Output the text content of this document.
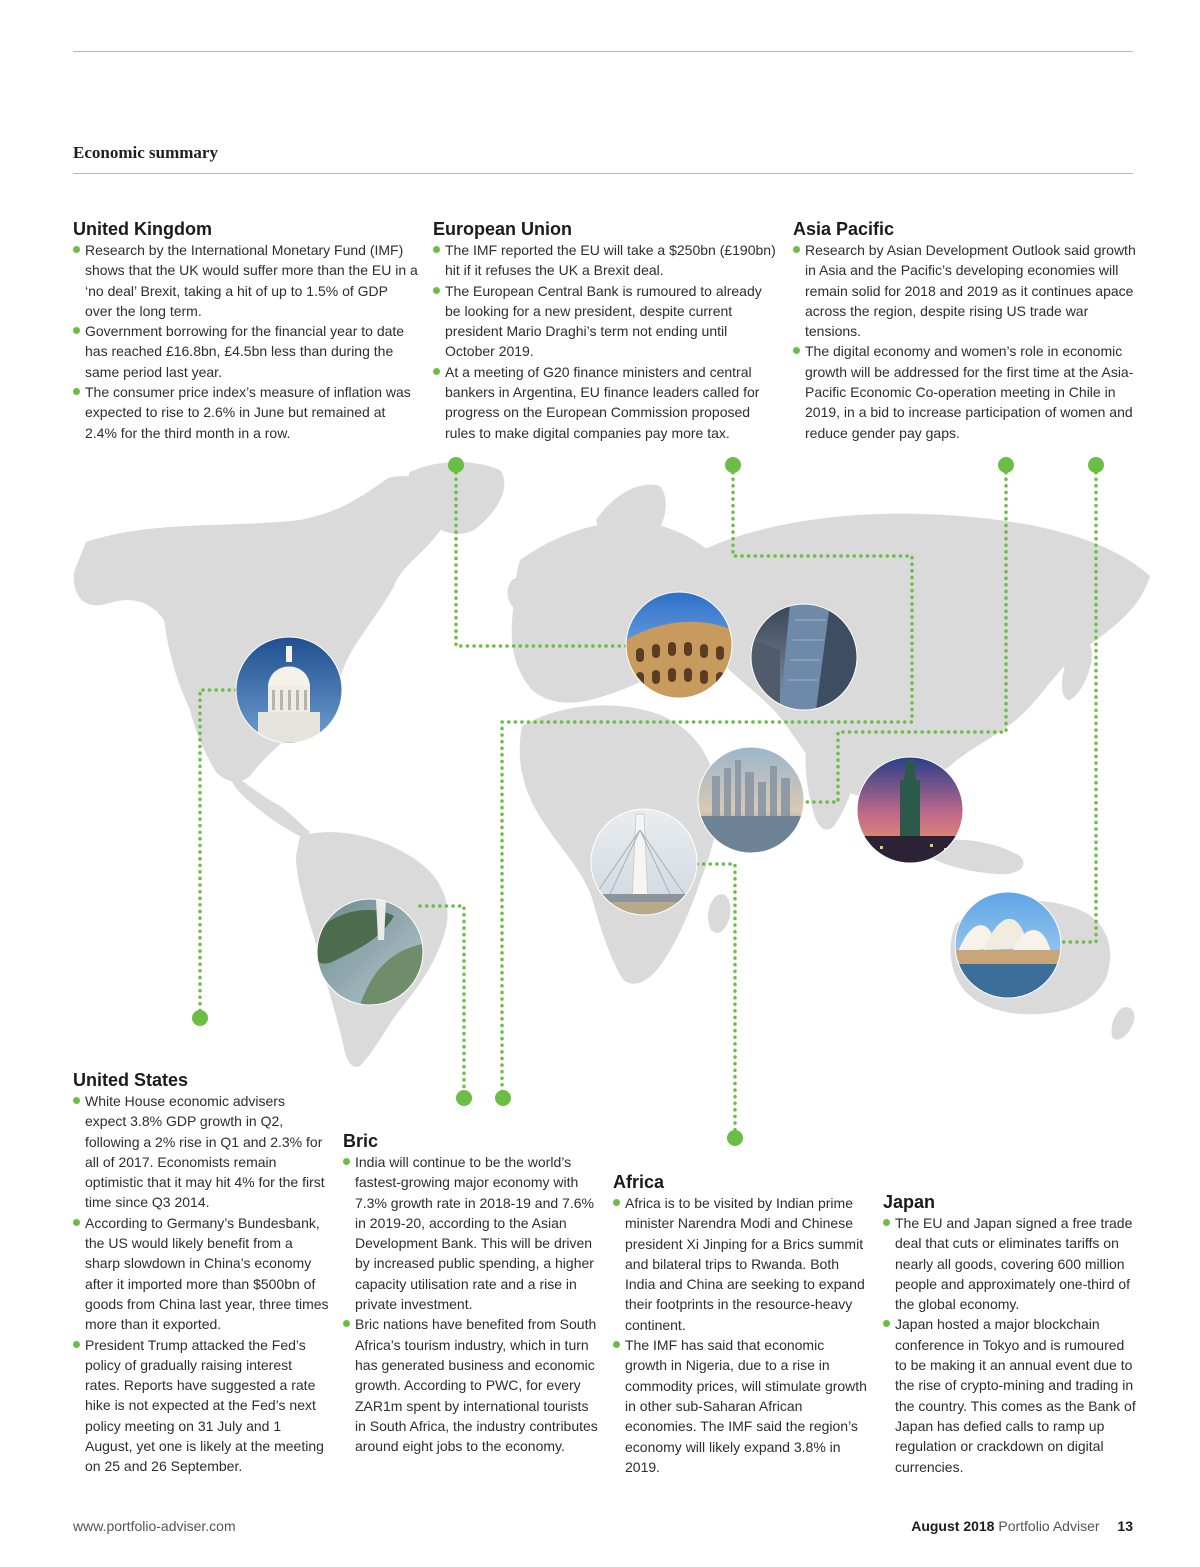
Economic summary
United Kingdom
Research by the International Monetary Fund (IMF) shows that the UK would suffer more than the EU in a ‘no deal’ Brexit, taking a hit of up to 1.5% of GDP over the long term.
Government borrowing for the financial year to date has reached £16.8bn, £4.5bn less than during the same period last year.
The consumer price index’s measure of inflation was expected to rise to 2.6% in June but remained at 2.4% for the third month in a row.
European Union
The IMF reported the EU will take a $250bn (£190bn) hit if it refuses the UK a Brexit deal.
The European Central Bank is rumoured to already be looking for a new president, despite current president Mario Draghi’s term not ending until October 2019.
At a meeting of G20 finance ministers and central bankers in Argentina, EU finance leaders called for progress on the European Commission proposed rules to make digital companies pay more tax.
Asia Pacific
Research by Asian Development Outlook said growth in Asia and the Pacific’s developing economies will remain solid for 2018 and 2019 as it continues apace across the region, despite rising US trade war tensions.
The digital economy and women’s role in economic growth will be addressed for the first time at the Asia-Pacific Economic Co-operation meeting in Chile in 2019, in a bid to increase participation of women and reduce gender pay gaps.
United States
White House economic advisers expect 3.8% GDP growth in Q2, following a 2% rise in Q1 and 2.3% for all of 2017. Economists remain optimistic that it may hit 4% for the first time since Q3 2014.
According to Germany’s Bundesbank, the US would likely benefit from a sharp slowdown in China’s economy after it imported more than $500bn of goods from China last year, three times more than it exported.
President Trump attacked the Fed’s policy of gradually raising interest rates. Reports have suggested a rate hike is not expected at the Fed’s next policy meeting on 31 July and 1 August, yet one is likely at the meeting on 25 and 26 September.
Bric
India will continue to be the world’s fastest-growing major economy with 7.3% growth rate in 2018-19 and 7.6% in 2019-20, according to the Asian Development Bank. This will be driven by increased public spending, a higher capacity utilisation rate and a rise in private investment.
Bric nations have benefited from South Africa’s tourism industry, which in turn has generated business and economic growth. According to PWC, for every ZAR1m spent by international tourists in South Africa, the industry contributes around eight jobs to the economy.
Africa
Africa is to be visited by Indian prime minister Narendra Modi and Chinese president Xi Jinping for a Brics summit and bilateral trips to Rwanda. Both India and China are seeking to expand their footprints in the resource-heavy continent.
The IMF has said that economic growth in Nigeria, due to a rise in commodity prices, will stimulate growth in other sub-Saharan African economies. The IMF said the region’s economy will likely expand 3.8% in 2019.
Japan
The EU and Japan signed a free trade deal that cuts or eliminates tariffs on nearly all goods, covering 600 million people and approximately one-third of the global economy.
Japan hosted a major blockchain conference in Tokyo and is rumoured to be making it an annual event due to the rise of crypto-mining and trading in the country. This comes as the Bank of Japan has defied calls to ramp up regulation or crackdown on digital currencies.
www.portfolio-adviser.com	August 2018 Portfolio Adviser 13
